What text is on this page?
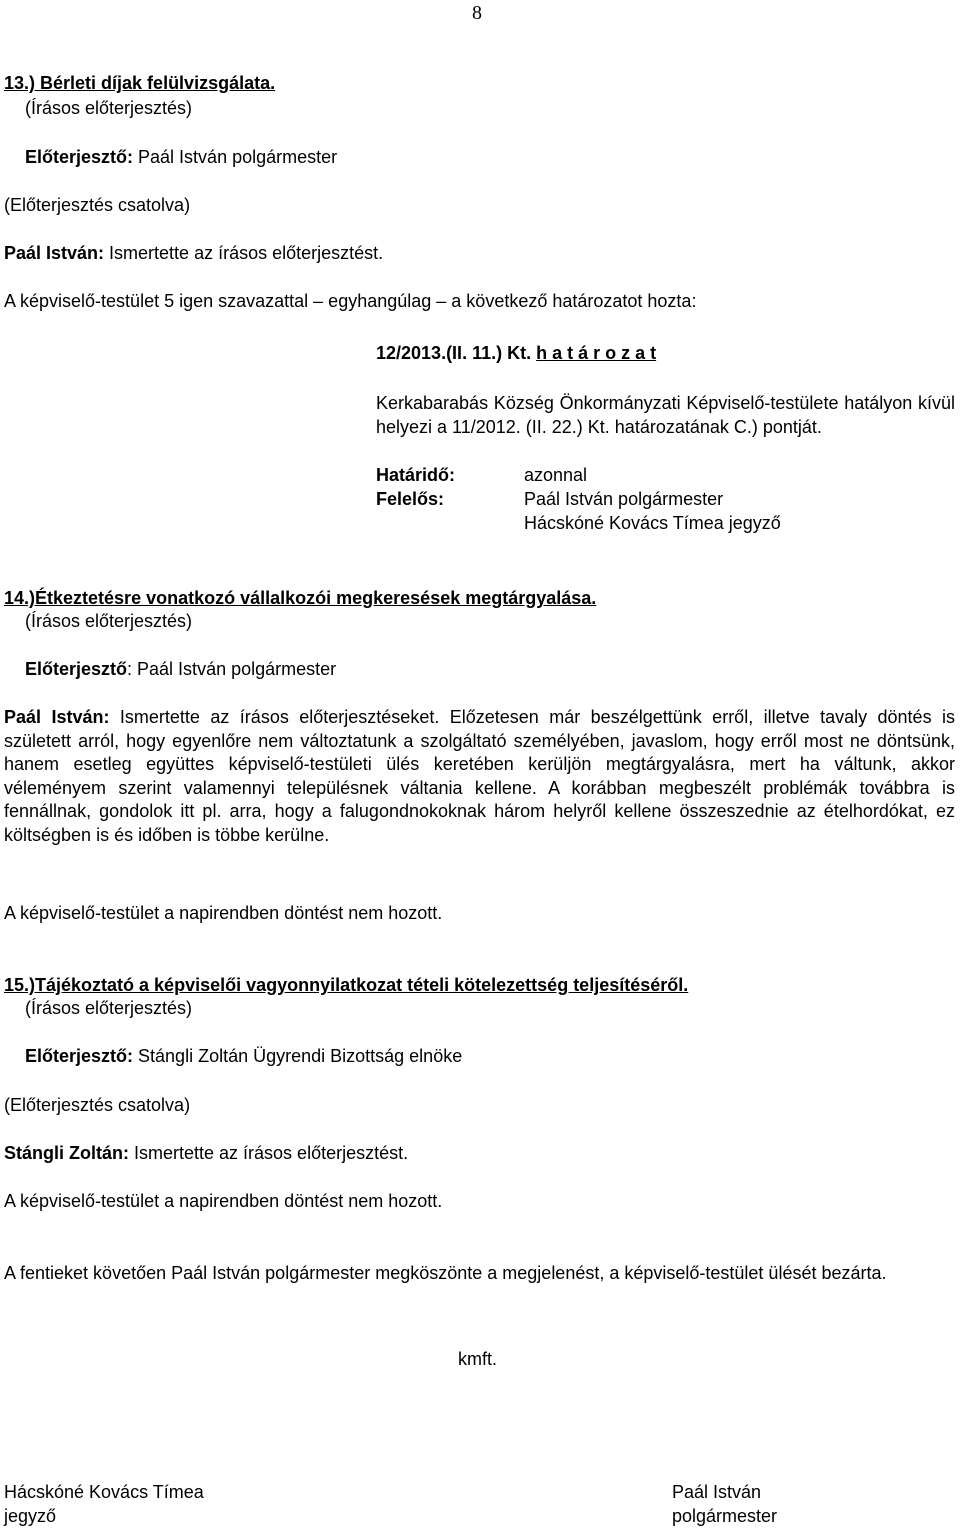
8
13.) Bérleti díjak felülvizsgálata.
(Írásos előterjesztés)
Előterjesztő: Paál István polgármester
(Előterjesztés csatolva)
Paál István: Ismertette az írásos előterjesztést.
A képviselő-testület 5 igen szavazattal – egyhangúlag – a következő határozatot hozta:
12/2013.(II. 11.) Kt. h a t á r o z a t
Kerkabarabás Község Önkormányzati Képviselő-testülete hatályon kívül helyezi a 11/2012. (II. 22.) Kt. határozatának C.) pontját.
Határidő:	azonnal
Felelős:	Paál István polgármester
Hácskóné Kovács Tímea jegyző
14.)Étkeztetésre vonatkozó vállalkozói megkeresések megtárgyalása.
(Írásos előterjesztés)
Előterjesztő: Paál István polgármester
Paál István: Ismertette az írásos előterjesztéseket. Előzetesen már beszélgettünk erről, illetve tavaly döntés is született arról, hogy egyenlőre nem változtatunk a szolgáltató személyében, javaslom, hogy erről most ne döntsünk, hanem esetleg együttes képviselő-testületi ülés keretében kerüljön megtárgyalásra, mert ha váltunk, akkor véleményem szerint valamennyi településnek váltania kellene. A korábban megbeszélt problémák továbbra is fennállnak, gondolok itt pl. arra, hogy a falugondnokoknak három helyről kellene összeszednie az ételhordókat, ez költségben is és időben is többe kerülne.
A képviselő-testület a napirendben döntést nem hozott.
15.)Tájékoztató a képviselői vagyonnyilatkozat tételi kötelezettség teljesítéséről.
(Írásos előterjesztés)
Előterjesztő: Stángli Zoltán Ügyrendi Bizottság elnöke
(Előterjesztés csatolva)
Stángli Zoltán: Ismertette az írásos előterjesztést.
A képviselő-testület a napirendben döntést nem hozott.
A fentieket követően Paál István polgármester megköszönte a megjelenést, a képviselő-testület ülését bezárta.
kmft.
Hácskóné Kovács Tímea
jegyző
Paál István
polgármester
